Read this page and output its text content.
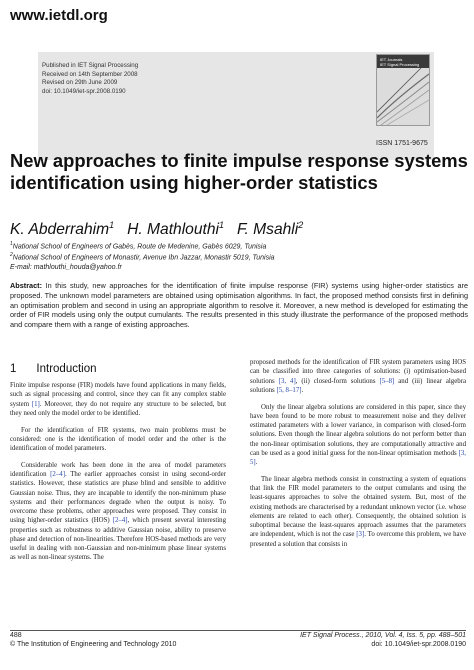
www.ietdl.org
Published in IET Signal Processing
Received on 14th September 2008
Revised on 29th June 2009
doi: 10.1049/iet-spr.2008.0190
IET Journals
IET Signal Processing
ISSN 1751-9675
New approaches to finite impulse response systems identification using higher-order statistics
K. Abderrahim$^1$ H. Mathlouthi$^1$ F. Msahli$^2$
$^1$National School of Engineers of Gabès, Route de Medenine, Gabès 6029, Tunisia
$^2$National School of Engineers of Monastir, Avenue Ibn Jazzar, Monastir 5019, Tunisia
E-mail: mathlouthi_houda@yahoo.fr
Abstract: In this study, new approaches for the identification of finite impulse response (FIR) systems using higher-order statistics are proposed. The unknown model parameters are obtained using optimisation algorithms. In fact, the proposed method consists first in defining an optimisation problem and second in using an appropriate algorithm to resolve it. Moreover, a new method is developed for estimating the order of FIR models using only the output cumulants. The results presented in this study illustrate the performance of the proposed methods and compare them with a range of existing approaches.
1 Introduction

Finite impulse response (FIR) models have found applications in many fields, such as signal processing and control, since they can fit any complex stable system [1]. Moreover, they do not require any structure to be selected, but they need only the model order to be identified.

For the identification of FIR systems, two main problems must be considered: one is the identification of model order and the other is the identification of model parameters.

Considerable work has been done in the area of model parameters identification [2–4]. The earlier approaches consist in using second-order statistics. However, these statistics are phase blind and sensible to additive Gaussian noise. Thus, they are incapable to identify the non-minimum phase systems and their performances degrade when the output is noisy. To overcome these problems, other approaches were proposed. They consist in using higher-order statistics (HOS) [2–4], which present several interesting properties such as robustness to additive Gaussian noise, ability to preserve phase and detection of non-linearities. Therefore HOS-based methods are very useful in dealing with non-Gaussian and non-minimum phase linear systems as well as non-linear systems. The

proposed methods for the identification of FIR system parameters using HOS can be classified into three categories of solutions: (i) optimisation-based solutions [3, 4], (ii) closed-form solutions [5–8] and (iii) linear algebra solutions [5, 8–17].

Only the linear algebra solutions are considered in this paper, since they have been found to be more robust to measurement noise and they deliver estimated parameters with a lower variance, in comparison with closed-form solutions. Even though the linear algebra solutions do not perform better than the non-linear optimisation solutions, they are computationally attractive and can be used as a good initial guess for the non-linear optimisation methods [3, 5].

The linear algebra methods consist in constructing a system of equations that link the FIR model parameters to the output cumulants and using the least-squares approaches to solve the obtained system. But, most of the existing methods are characterised by a redundant unknown vector (i.e. whose elements are related to each other). Consequently, the obtained solution is suboptimal because the least-squares approach assumes that the parameters are independent, which is not the case [3]. To overcome this problem, we have presented a solution that consists in

488
© The Institution of Engineering and Technology 2010
IET Signal Process., 2010, Vol. 4, Iss. 5, pp. 488–501
doi: 10.1049/iet-spr.2008.0190
